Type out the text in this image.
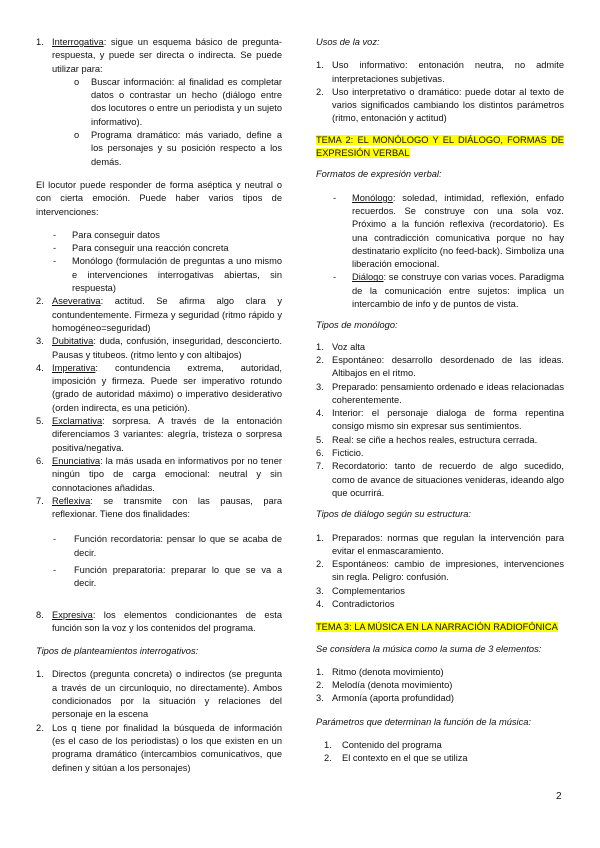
1. Interrogativa: sigue un esquema básico de pregunta-respuesta, y puede ser directa o indirecta. Se puede utilizar para:
o Buscar información: al finalidad es completar datos o contrastar un hecho (diálogo entre dos locutores o entre un periodista y un sujeto informativo).
o Programa dramático: más variado, define a los personajes y su posición respecto a los demás.

El locutor puede responder de forma aséptica y neutral o con cierta emoción. Puede haber varios tipos de intervenciones:

- Para conseguir datos
- Para conseguir una reacción concreta
- Monólogo (formulación de preguntas a uno mismo e intervenciones interrogativas abiertas, sin respuesta)
2. Aseverativa: actitud. Se afirma algo clara y contundentemente. Firmeza y seguridad (ritmo rápido y homogéneo=seguridad)
3. Dubitativa: duda, confusión, inseguridad, desconcierto. Pausas y titubeos. (ritmo lento y con altibajos)
4. Imperativa: contundencia extrema, autoridad, imposición y firmeza. Puede ser imperativo rotundo (grado de autoridad máximo) o imperativo desiderativo (orden indirecta, es una petición).
5. Exclamativa: sorpresa. A través de la entonación diferenciamos 3 variantes: alegría, tristeza o sorpresa positiva/negativa.
6. Enunciativa: la más usada en informativos por no tener ningún tipo de carga emocional: neutral y sin connotaciones añadidas.
7. Reflexiva: se transmite con las pausas, para reflexionar. Tiene dos finalidades:
- Función recordatoria: pensar lo que se acaba de decir.
- Función preparatoria: preparar lo que se va a decir.
8. Expresiva: los elementos condicionantes de esta función son la voz y los contenidos del programa.

Tipos de planteamientos interrogativos:

1. Directos (pregunta concreta) o indirectos (se pregunta a través de un circunloquio, no directamente). Ambos condicionados por la situación y relaciones del personaje en la escena
2. Los q tiene por finalidad la búsqueda de información (es el caso de los periodistas) o los que existen en un programa dramático (intercambios comunicativos, que definen y sitúan a los personajes)

Usos de la voz:

1. Uso informativo: entonación neutra, no admite interpretaciones subjetivas.
2. Uso interpretativo o dramático: puede dotar al texto de varios significados cambiando los distintos parámetros (ritmo, entonación y actitud)

TEMA 2: EL MONÓLOGO Y EL DIÁLOGO, FORMAS DE EXPRESIÓN VERBAL

Formatos de expresión verbal:

- Monólogo: soledad, intimidad, reflexión, enfado recuerdos. Se construye con una sola voz. Próximo a la función reflexiva (recordatorio). Es una contradicción comunicativa porque no hay destinatario explícito (no feed-back). Simboliza una liberación emocional.
- Diálogo: se construye con varias voces. Paradigma de la comunicación entre sujetos: implica un intercambio de info y de puntos de vista.

Tipos de monólogo:

1. Voz alta
2. Espontáneo: desarrollo desordenado de las ideas. Altibajos en el ritmo.
3. Preparado: pensamiento ordenado e ideas relacionadas coherentemente.
4. Interior: el personaje dialoga de forma repentina consigo mismo sin expresar sus sentimientos.
5. Real: se ciñe a hechos reales, estructura cerrada.
6. Ficticio.
7. Recordatorio: tanto de recuerdo de algo sucedido, como de avance de situaciones venideras, ideando algo que ocurrirá.

Tipos de diálogo según su estructura:

1. Preparados: normas que regulan la intervención para evitar el enmascaramiento.
2. Espontáneos: cambio de impresiones, intervenciones sin regla. Peligro: confusión.
3. Complementarios
4. Contradictorios

TEMA 3: LA MÚSICA EN LA NARRACIÓN RADIOFÓNICA

Se considera la música como la suma de 3 elementos:

1. Ritmo (denota movimiento)
2. Melodía (denota movimiento)
3. Armonía (aporta profundidad)

Parámetros que determinan la función de la música:

1. Contenido del programa
2. El contexto en el que se utiliza
2
